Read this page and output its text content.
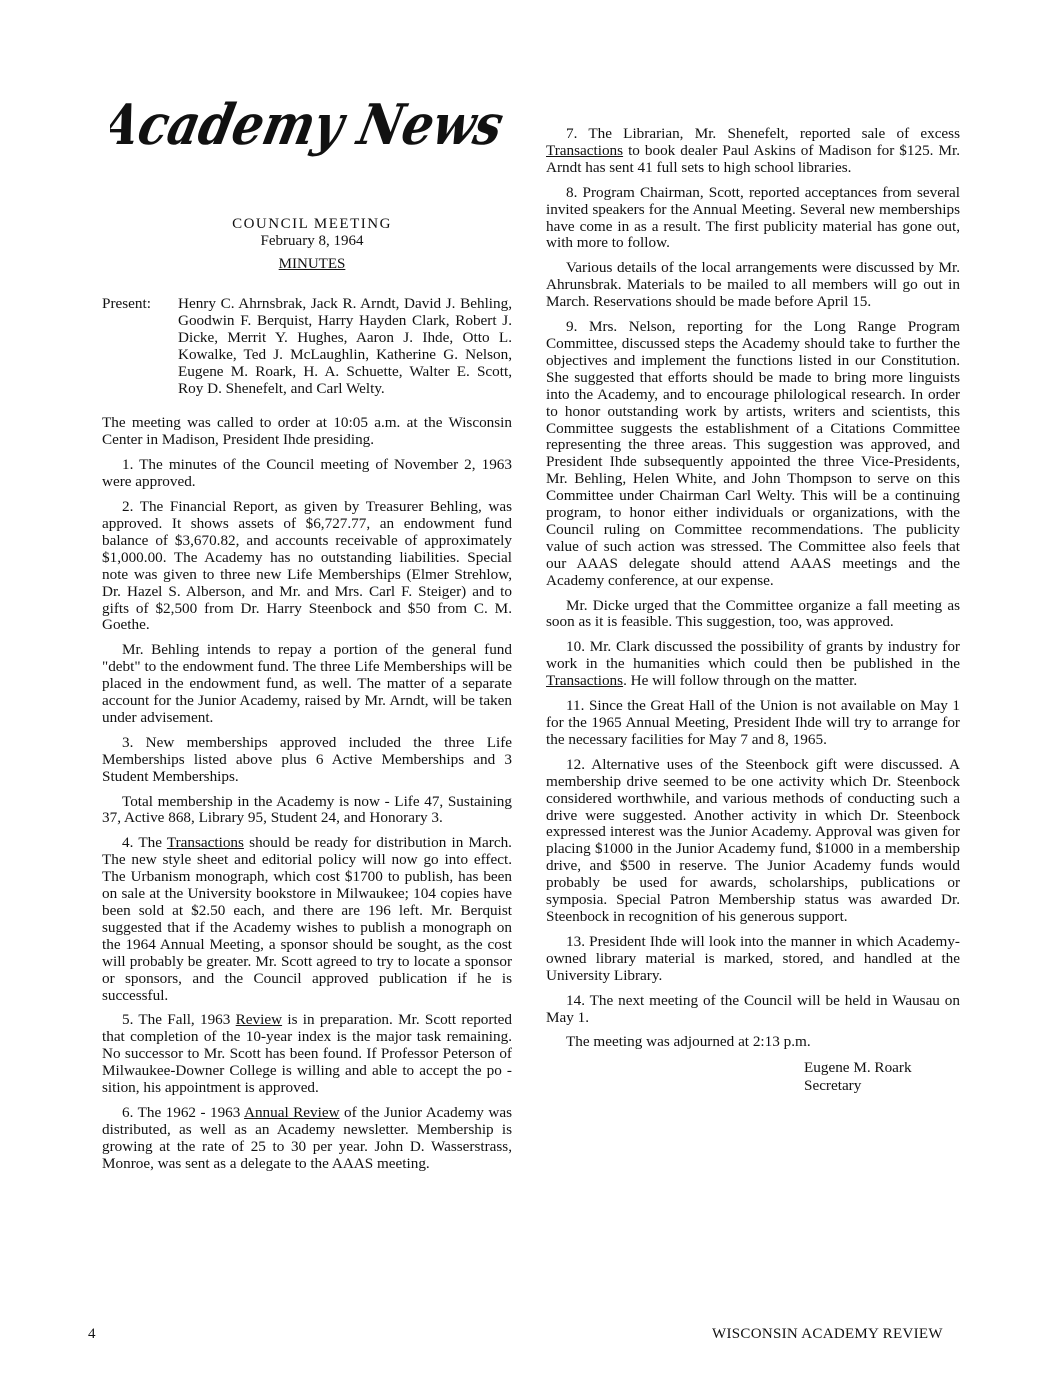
Academy News
COUNCIL MEETING
February 8, 1964
MINUTES
Present:	Henry C. Ahrnsbrak, Jack R. Arndt, David J. Behling, Goodwin F. Berquist, Harry Hayden Clark, Robert J. Dicke, Merrit Y. Hughes, Aaron J. Ihde, Otto L. Kowalke, Ted J. McLaughlin, Katherine G. Nelson, Eugene M. Roark, H. A. Schuette, Walter E. Scott, Roy D. Shenefelt, and Carl Welty.

The meeting was called to order at 10:05 a.m. at the Wisconsin Center in Madison, President Ihde presiding.

1. The minutes of the Council meeting of November 2, 1963 were approved.

2. The Financial Report, as given by Treasurer Behling, was approved. It shows assets of $6,727.77, an endowment fund balance of $3,670.82, and accounts receivable of approximately $1,000.00. The Academy has no outstanding liabilities. Special note was given to three new Life Memberships (Elmer Strehlow, Dr. Hazel S. Alberson, and Mr. and Mrs. Carl F. Steiger) and to gifts of $2,500 from Dr. Harry Steenbock and $50 from C. M. Goethe.

Mr. Behling intends to repay a portion of the general fund "debt" to the endowment fund. The three Life Memberships will be placed in the endowment fund, as well. The matter of a separate account for the Junior Academy, raised by Mr. Arndt, will be taken under advisement.

3. New memberships approved included the three Life Memberships listed above plus 6 Active Memberships and 3 Student Memberships.

Total membership in the Academy is now - Life 47, Sustaining 37, Active 868, Library 95, Student 24, and Honorary 3.

4. The Transactions should be ready for distribution in March. The new style sheet and editorial policy will now go into effect. The Urbanism monograph, which cost $1700 to publish, has been on sale at the University bookstore in Milwaukee; 104 copies have been sold at $2.50 each, and there are 196 left. Mr. Berquist suggested that if the Academy wishes to publish a monograph on the 1964 Annual Meeting, a sponsor should be sought, as the cost will probably be greater. Mr. Scott agreed to try to locate a sponsor or sponsors, and the Council approved publication if he is successful.

5. The Fall, 1963 Review is in preparation. Mr. Scott reported that completion of the 10-year index is the major task remaining. No successor to Mr. Scott has been found. If Professor Peterson of Milwaukee-Downer College is willing and able to accept the po - sition, his appointment is approved.

6. The 1962 - 1963 Annual Review of the Junior Academy was distributed, as well as an Academy newsletter. Membership is growing at the rate of 25 to 30 per year. John D. Wasserstrass, Monroe, was sent as a delegate to the AAAS meeting.

7. The Librarian, Mr. Shenefelt, reported sale of excess Transactions to book dealer Paul Askins of Madison for $125. Mr. Arndt has sent 41 full sets to high school libraries.

8. Program Chairman, Scott, reported acceptances from several invited speakers for the Annual Meeting. Several new memberships have come in as a result. The first publicity material has gone out, with more to follow.

Various details of the local arrangements were discussed by Mr. Ahrunsbrak. Materials to be mailed to all members will go out in March. Reservations should be made before April 15.

9. Mrs. Nelson, reporting for the Long Range Program Committee, discussed steps the Academy should take to further the objectives and implement the functions listed in our Constitution. She suggested that efforts should be made to bring more linguists into the Academy, and to encourage philological research. In order to honor outstanding work by artists, writers and scientists, this Committee suggests the establishment of a Citations Committee representing the three areas. This suggestion was approved, and President Ihde subsequently appointed the three Vice-Presidents, Mr. Behling, Helen White, and John Thompson to serve on this Committee under Chairman Carl Welty. This will be a continuing program, to honor either individuals or organizations, with the Council ruling on Committee recommendations. The publicity value of such action was stressed. The Committee also feels that our AAAS delegate should attend AAAS meetings and the Academy conference, at our expense.

Mr. Dicke urged that the Committee organize a fall meeting as soon as it is feasible. This suggestion, too, was approved.

10. Mr. Clark discussed the possibility of grants by industry for work in the humanities which could then be published in the Transactions. He will follow through on the matter.

11. Since the Great Hall of the Union is not available on May 1 for the 1965 Annual Meeting, President Ihde will try to arrange for the necessary facilities for May 7 and 8, 1965.

12. Alternative uses of the Steenbock gift were discussed. A membership drive seemed to be one activity which Dr. Steenbock considered worthwhile, and various methods of conducting such a drive were suggested. Another activity in which Dr. Steenbock expressed interest was the Junior Academy. Approval was given for placing $1000 in the Junior Academy fund, $1000 in a membership drive, and $500 in reserve. The Junior Academy funds would probably be used for awards, scholarships, publications or symposia. Special Patron Membership status was awarded Dr. Steenbock in recognition of his generous support.

13. President Ihde will look into the manner in which Academy-owned library material is marked, stored, and handled at the University Library.

14. The next meeting of the Council will be held in Wausau on May 1.

The meeting was adjourned at 2:13 p.m.

Eugene M. Roark
Secretary
4	WISCONSIN ACADEMY REVIEW
